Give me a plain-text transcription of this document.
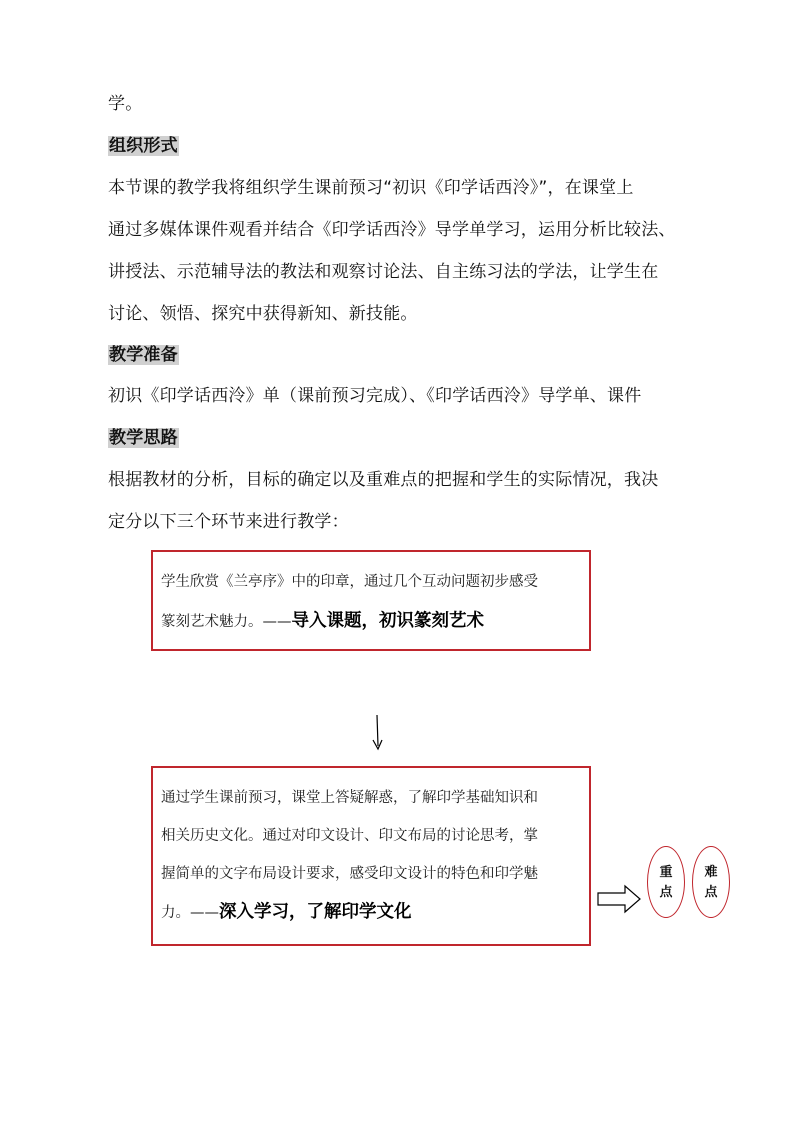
学。
组织形式
本节课的教学我将组织学生课前预习“初识《印学话西泠》”，在课堂上
通过多媒体课件观看并结合《印学话西泠》导学单学习，运用分析比较法、
讲授法、示范辅导法的教法和观察讨论法、自主练习法的学法，让学生在
讨论、领悟、探究中获得新知、新技能。
教学准备
初识《印学话西泠》单（课前预习完成）、《印学话西泠》导学单、课件
教学思路
根据教材的分析，目标的确定以及重难点的把握和学生的实际情况，我决
定分以下三个环节来进行教学：

学生欣赏《兰亭序》中的印章，通过几个互动问题初步感受

篆刻艺术魅力。——导入课题，初识篆刻艺术

通过学生课前预习，课堂上答疑解惑，了解印学基础知识和

相关历史文化。通过对印文设计、印文布局的讨论思考，掌

握简单的文字布局设计要求，感受印文设计的特色和印学魅

力。——深入学习，了解印学文化

重
点
难
点
